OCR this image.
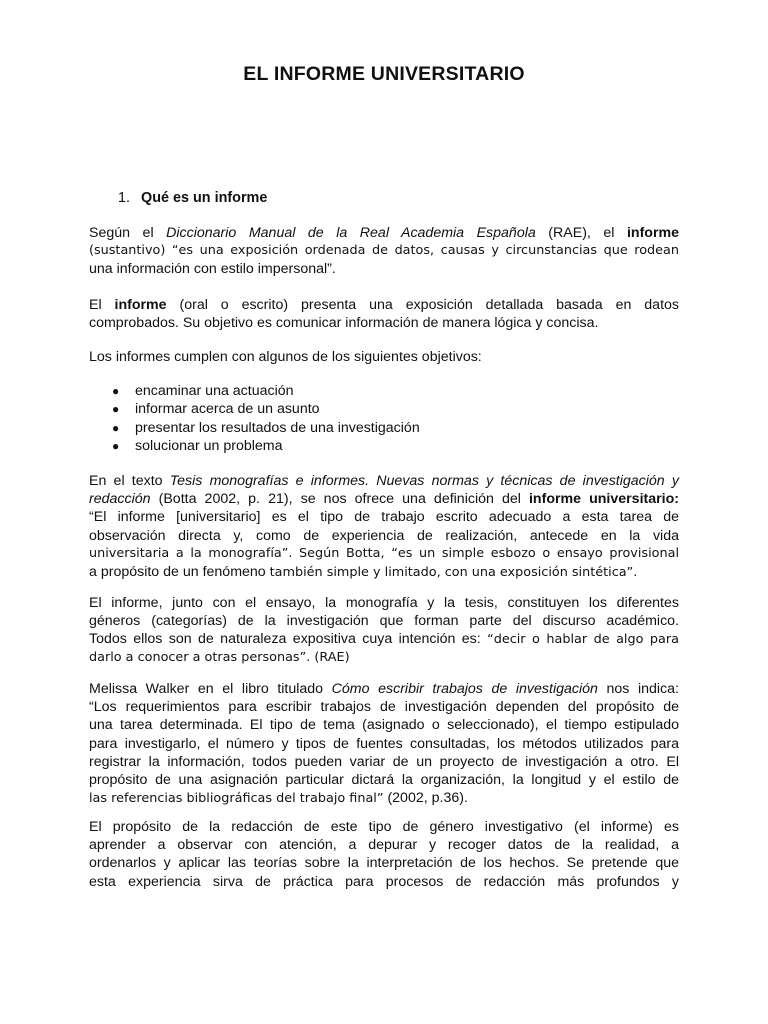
EL INFORME UNIVERSITARIO
1. Qué es un informe

Según el Diccionario Manual de la Real Academia Española (RAE), el informe
(sustantivo) “es una exposición ordenada de datos, causas y circunstancias que rodean
una información con estilo impersonal”.

El informe (oral o escrito) presenta una exposición detallada basada en datos
comprobados. Su objetivo es comunicar información de manera lógica y concisa.

Los informes cumplen con algunos de los siguientes objetivos:

● encaminar una actuación
● informar acerca de un asunto
● presentar los resultados de una investigación
● solucionar un problema

En el texto Tesis monografías e informes. Nuevas normas y técnicas de investigación y
redacción (Botta 2002, p. 21), se nos ofrece una definición del informe universitario:
“El informe [universitario] es el tipo de trabajo escrito adecuado a esta tarea de
observación directa y, como de experiencia de realización, antecede en la vida
universitaria a la monografía”. Según Botta, “es un simple esbozo o ensayo provisional
a propósito de un fenómeno también simple y limitado, con una exposición sintética”.

El informe, junto con el ensayo, la monografía y la tesis, constituyen los diferentes
géneros (categorías) de la investigación que forman parte del discurso académico.
Todos ellos son de naturaleza expositiva cuya intención es: “decir o hablar de algo para
darlo a conocer a otras personas”. (RAE)

Melissa Walker en el libro titulado Cómo escribir trabajos de investigación nos indica:
“Los requerimientos para escribir trabajos de investigación dependen del propósito de
una tarea determinada. El tipo de tema (asignado o seleccionado), el tiempo estipulado
para investigarlo, el número y tipos de fuentes consultadas, los métodos utilizados para
registrar la información, todos pueden variar de un proyecto de investigación a otro. El
propósito de una asignación particular dictará la organización, la longitud y el estilo de
las referencias bibliográficas del trabajo final” (2002, p.36).

El propósito de la redacción de este tipo de género investigativo (el informe) es
aprender a observar con atención, a depurar y recoger datos de la realidad, a
ordenarlos y aplicar las teorías sobre la interpretación de los hechos. Se pretende que
esta experiencia sirva de práctica para procesos de redacción más profundos y
